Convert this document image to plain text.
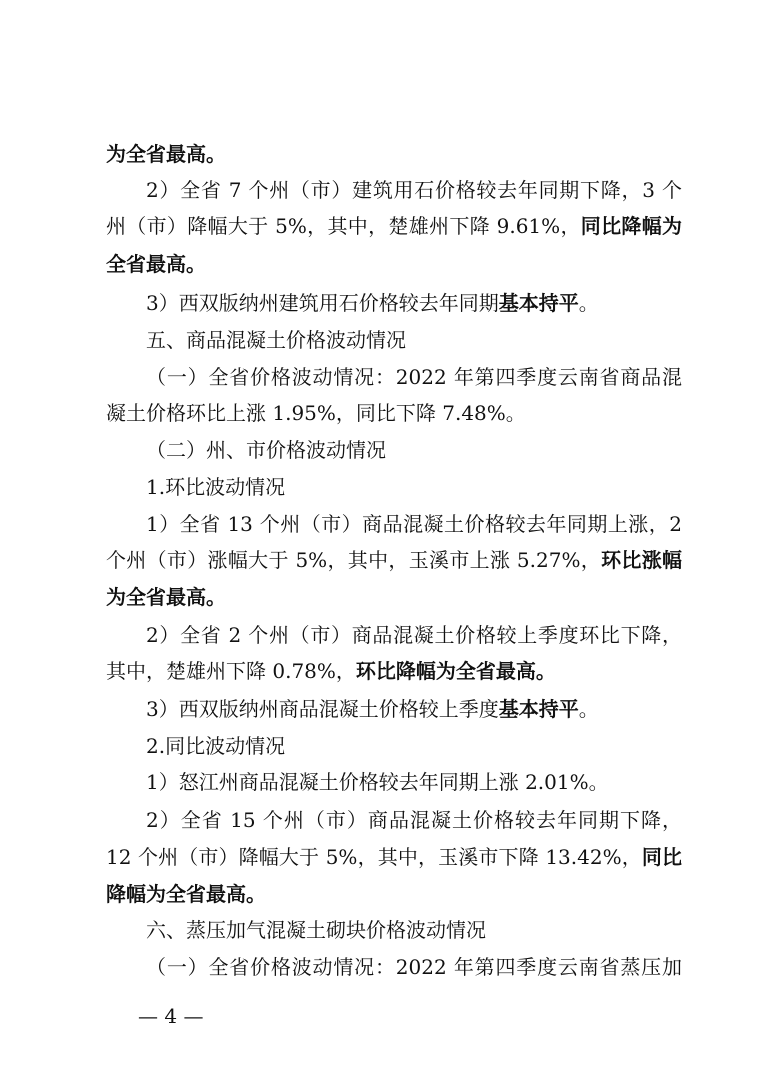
为全省最高。
2）全省 7 个州（市）建筑用石价格较去年同期下降，3 个
州（市）降幅大于 5%，其中，楚雄州下降 9.61%，同比降幅为
全省最高。
3）西双版纳州建筑用石价格较去年同期基本持平。
五、商品混凝土价格波动情况
（一）全省价格波动情况：2022 年第四季度云南省商品混
凝土价格环比上涨 1.95%，同比下降 7.48%。
（二）州、市价格波动情况
1.环比波动情况
1）全省 13 个州（市）商品混凝土价格较去年同期上涨，2
个州（市）涨幅大于 5%，其中，玉溪市上涨 5.27%，环比涨幅
为全省最高。
2）全省 2 个州（市）商品混凝土价格较上季度环比下降，
其中，楚雄州下降 0.78%，环比降幅为全省最高。
3）西双版纳州商品混凝土价格较上季度基本持平。
2.同比波动情况
1）怒江州商品混凝土价格较去年同期上涨 2.01%。
2）全省 15 个州（市）商品混凝土价格较去年同期下降，
12 个州（市）降幅大于 5%，其中，玉溪市下降 13.42%，同比
降幅为全省最高。
六、蒸压加气混凝土砌块价格波动情况
（一）全省价格波动情况：2022 年第四季度云南省蒸压加
— 4 —
